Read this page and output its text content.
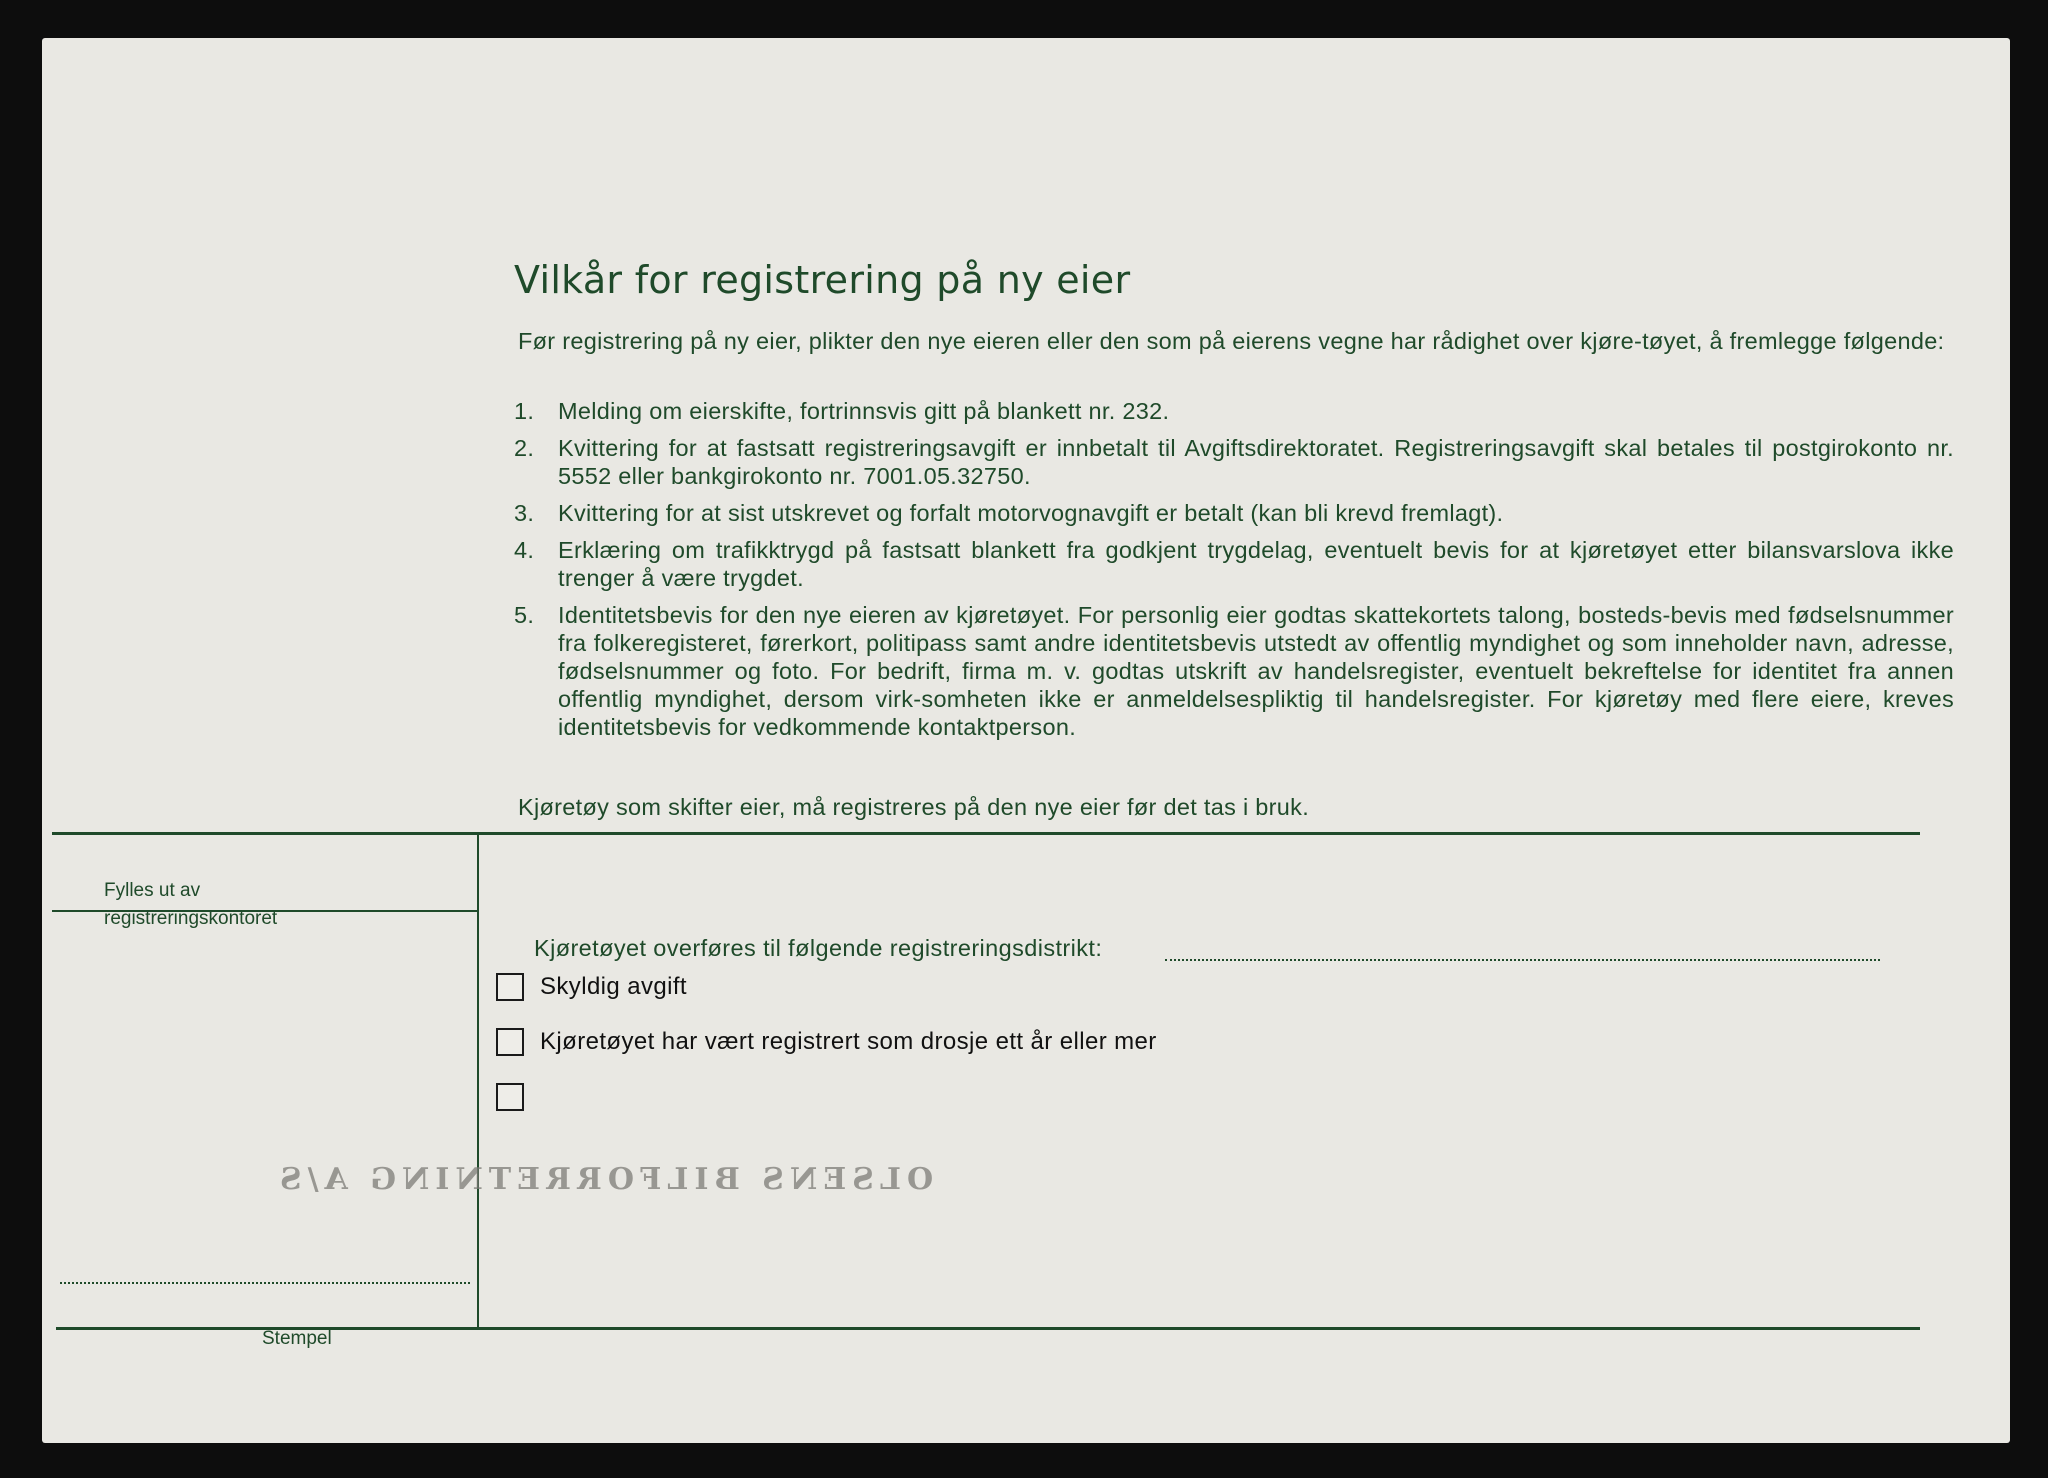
Vilkår for registrering på ny eier
Før registrering på ny eier, plikter den nye eieren eller den som på eierens vegne har rådighet over kjøre-tøyet, å fremlegge følgende:
1.	Melding om eierskifte, fortrinnsvis gitt på blankett nr. 232.
2.	Kvittering for at fastsatt registreringsavgift er innbetalt til Avgiftsdirektoratet. Registreringsavgift skal betales til postgirokonto nr. 5552 eller bankgirokonto nr. 7001.05.32750.
3.	Kvittering for at sist utskrevet og forfalt motorvognavgift er betalt (kan bli krevd fremlagt).
4.	Erklæring om trafikktrygd på fastsatt blankett fra godkjent trygdelag, eventuelt bevis for at kjøretøyet etter bilansvarslova ikke trenger å være trygdet.
5.	Identitetsbevis for den nye eieren av kjøretøyet. For personlig eier godtas skattekortets talong, bosteds-bevis med fødselsnummer fra folkeregisteret, førerkort, politipass samt andre identitetsbevis utstedt av offentlig myndighet og som inneholder navn, adresse, fødselsnummer og foto. For bedrift, firma m. v. godtas utskrift av handelsregister, eventuelt bekreftelse for identitet fra annen offentlig myndighet, dersom virk-somheten ikke er anmeldelsespliktig til handelsregister. For kjøretøy med flere eiere, kreves identitetsbevis for vedkommende kontaktperson.
Kjøretøy som skifter eier, må registreres på den nye eier før det tas i bruk.
Fylles ut av registreringskontoret
Stempel
Kjøretøyet overføres til følgende registreringsdistrikt:
Skyldig avgift
Kjøretøyet har vært registrert som drosje ett år eller mer
OLSENS BILFORRETNING A/S
